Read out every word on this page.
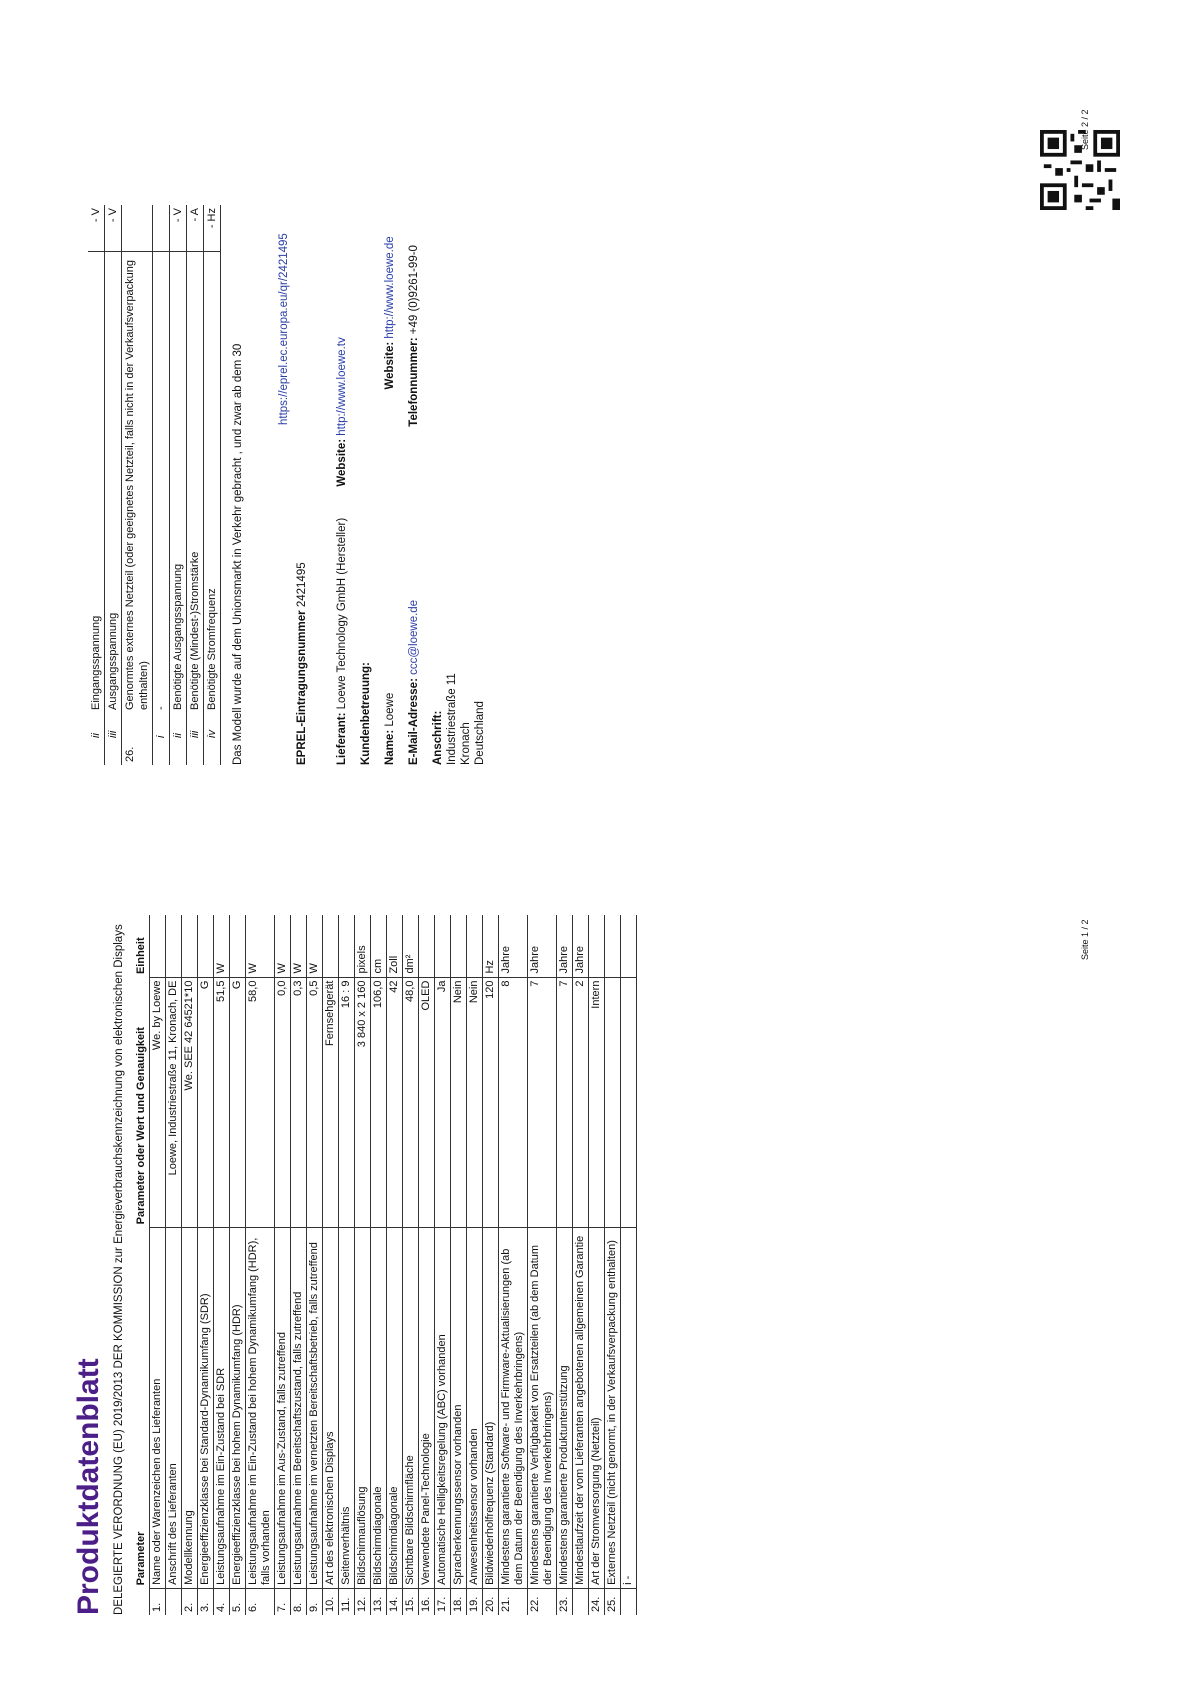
Produktdatenblatt DELEGIERTE VERORDNUNG (EU) 2019/2013 DER KOMMISSION zur Energieverbrauchskennzeichnung von elektronischen Displays
	Parameter	Parameter oder Wert und Genauigkeit	Einheit
1.	Name oder Warenzeichen des Lieferanten	We. by Loewe	
	Anschrift des Lieferanten	Loewe, Industriestraße 11, Kronach, DE	
2.	Modellkennung	We. SEE 42 64521*10	
3.	Energieeffizienzklasse bei Standard-Dynamikumfang (SDR)	G	
4.	Leistungsaufnahme im Ein-Zustand bei SDR	51,5	W
5.	Energieeffizienzklasse bei hohem Dynamikumfang (HDR)	G	
6.	Leistungsaufnahme im Ein-Zustand bei hohem Dynamikumfang (HDR), falls vorhanden	58,0	W
7.	Leistungsaufnahme im Aus-Zustand, falls zutreffend	0,0	W
8.	Leistungsaufnahme im Bereitschaftszustand, falls zutreffend	0,3	W
9.	Leistungsaufnahme im vernetzten Bereitschaftsbetrieb, falls zutreffend	0,5	W
10.	Art des elektronischen Displays	Fernsehgerät	
11.	Seitenverhältnis	16 : 9	
12.	Bildschirmauflösung	3 840 x 2 160	pixels
13.	Bildschirmdiagonale	106,0	cm
14.	Bildschirmdiagonale	42	Zoll
15.	Sichtbare Bildschirmfläche	48,0	dm²
16.	Verwendete Panel-Technologie	OLED	
17.	Automatische Helligkeitsregelung (ABC) vorhanden	Ja	
18.	Spracherkennungssensor vorhanden	Nein	
19.	Anwesenheitssensor vorhanden	Nein	
20.	Bildwiederholfrequenz (Standard)	120	Hz
21.	Mindestens garantierte Software- und Firmware-Aktualisierungen (ab dem Datum der Beendigung des Inverkehrbringens)	8	Jahre
22.	Mindestens garantierte Verfügbarkeit von Ersatzteilen (ab dem Datum der Beendigung des Inverkehrbringens)	7	Jahre
23.	Mindestens garantierte Produktunterstützung	7	Jahre
	Mindestlaufzeit der vom Lieferanten angebotenen allgemeinen Garantie	2	Jahre
24.	Art der Stromversorgung (Netzteil)	Intern	
25.	Externes Netzteil (nicht genormt, in der Verkaufsverpackung enthalten)		
	i -		
Seite 1 / 2
	ii	Eingangsspannung	- V
	iii	Ausgangsspannung	- V
26.		Genormtes externes Netzteil (oder geeignetes Netzteil, falls nicht in der Verkaufsverpackung enthalten)	
	i	-	
	ii	Benötigte Ausgangsspannung	- V
	iii	Benötigte (Mindest-)Stromstärke	- A
	iv	Benötigte Stromfrequenz	- Hz
Das Modell wurde auf dem Unionsmarkt in Verkehr gebracht , und zwar ab dem 30	EPREL-Eintragungsnummer 2421495
https://eprel.ec.europa.eu/qr/2421495
Lieferant: Loewe Technology GmbH (Hersteller) Website: http://www.loewe.tv
Kundenbetreuung: Name: Loewe Website: http://www.loewe.de
E-Mail-Adresse: ccc@loewe.de Telefonnummer: +49 (0)9261-99-0
Anschrift: Industriestraße 11 Kronach Deutschland
Seite 2 / 2
